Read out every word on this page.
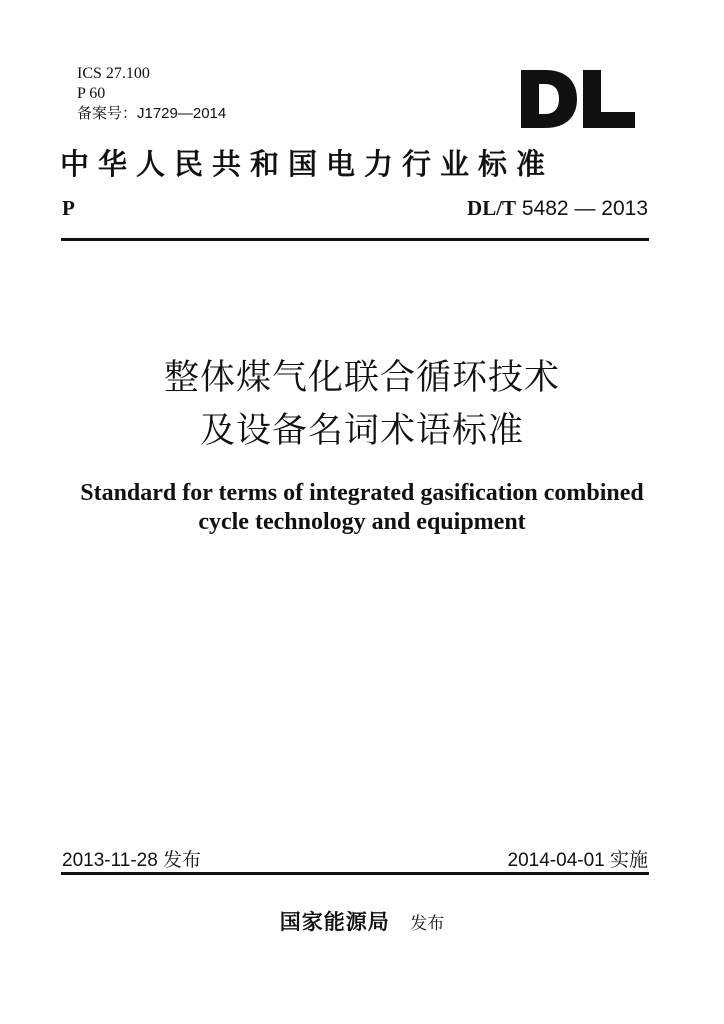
ICS 27.100
P 60
备案号：J1729—2014
中华人民共和国电力行业标准
P	DL/T 5482 — 2013
整体煤气化联合循环技术
及设备名词术语标准
Standard for terms of integrated gasification combined
cycle technology and equipment
2013-11-28 发布	2014-04-01 实施
国家能源局 发布
